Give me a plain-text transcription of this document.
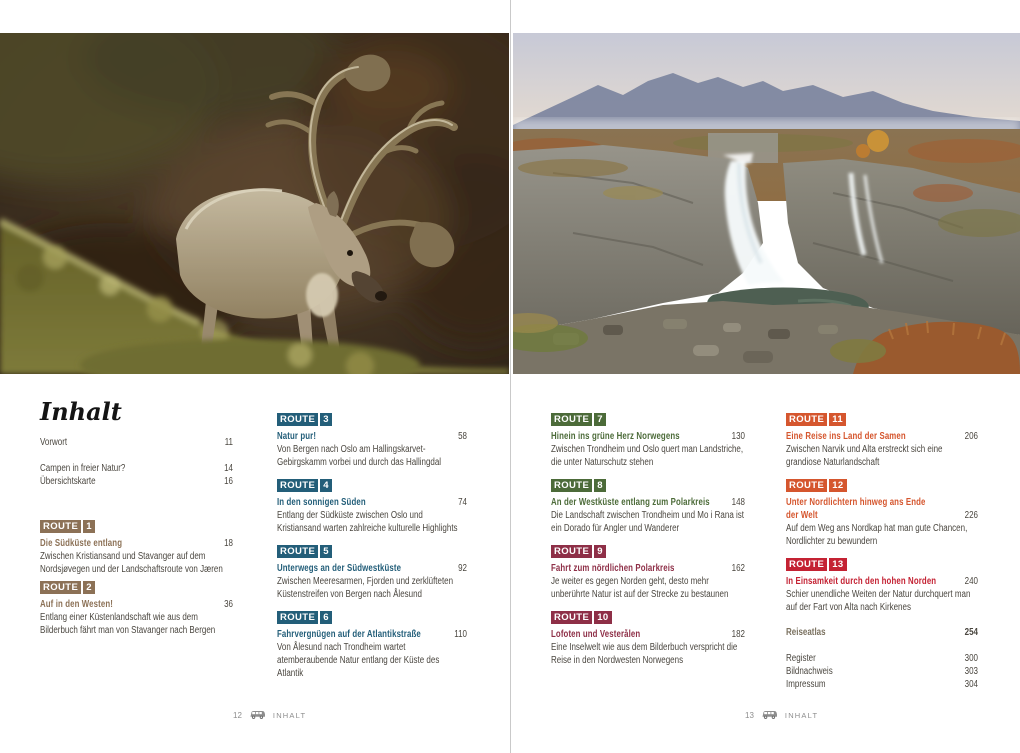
Inhalt
Vorwort	11
Campen in freier Natur?	14
Übersichtskarte	16
ROUTE 1
Die Südküste entlang	18
Zwischen Kristiansand und Stavanger auf dem Nordsjøvegen und der Landschaftsroute von Jæren
ROUTE 2
Auf in den Westen!	36
Entlang einer Küstenlandschaft wie aus dem Bilderbuch fährt man von Stavanger nach Bergen
ROUTE 3
Natur pur!	58
Von Bergen nach Oslo am Hallingskarvet-Gebirgskamm vorbei und durch das Hallingdal
ROUTE 4
In den sonnigen Süden	74
Entlang der Südküste zwischen Oslo und Kristiansand warten zahlreiche kulturelle Highlights
ROUTE 5
Unterwegs an der Südwestküste	92
Zwischen Meeresarmen, Fjorden und zerklüfteten Küstenstreifen von Bergen nach Ålesund
ROUTE 6
Fahrvergnügen auf der Atlantikstraße	110
Von Ålesund nach Trondheim wartet atemberaubende Natur entlang der Küste des Atlantik
ROUTE 7
Hinein ins grüne Herz Norwegens	130
Zwischen Trondheim und Oslo quert man Landstriche, die unter Naturschutz stehen
ROUTE 8
An der Westküste entlang zum Polarkreis	148
Die Landschaft zwischen Trondheim und Mo i Rana ist ein Dorado für Angler und Wanderer
ROUTE 9
Fahrt zum nördlichen Polarkreis	162
Je weiter es gegen Norden geht, desto mehr unberührte Natur ist auf der Strecke zu bestaunen
ROUTE 10
Lofoten und Vesterålen	182
Eine Inselwelt wie aus dem Bilderbuch verspricht die Reise in den Nordwesten Norwegens
ROUTE 11
Eine Reise ins Land der Samen	206
Zwischen Narvik und Alta erstreckt sich eine grandiose Naturlandschaft
ROUTE 12
Unter Nordlichtern hinweg ans Ende
der Welt	226
Auf dem Weg ans Nordkap hat man gute Chancen, Nordlichter zu bewundern
ROUTE 13
In Einsamkeit durch den hohen Norden	240
Schier unendliche Weiten der Natur durchquert man auf der Fart von Alta nach Kirkenes
Reiseatlas	254
Register	300
Bildnachweis	303
Impressum	304
12	INHALT	13	INHALT
